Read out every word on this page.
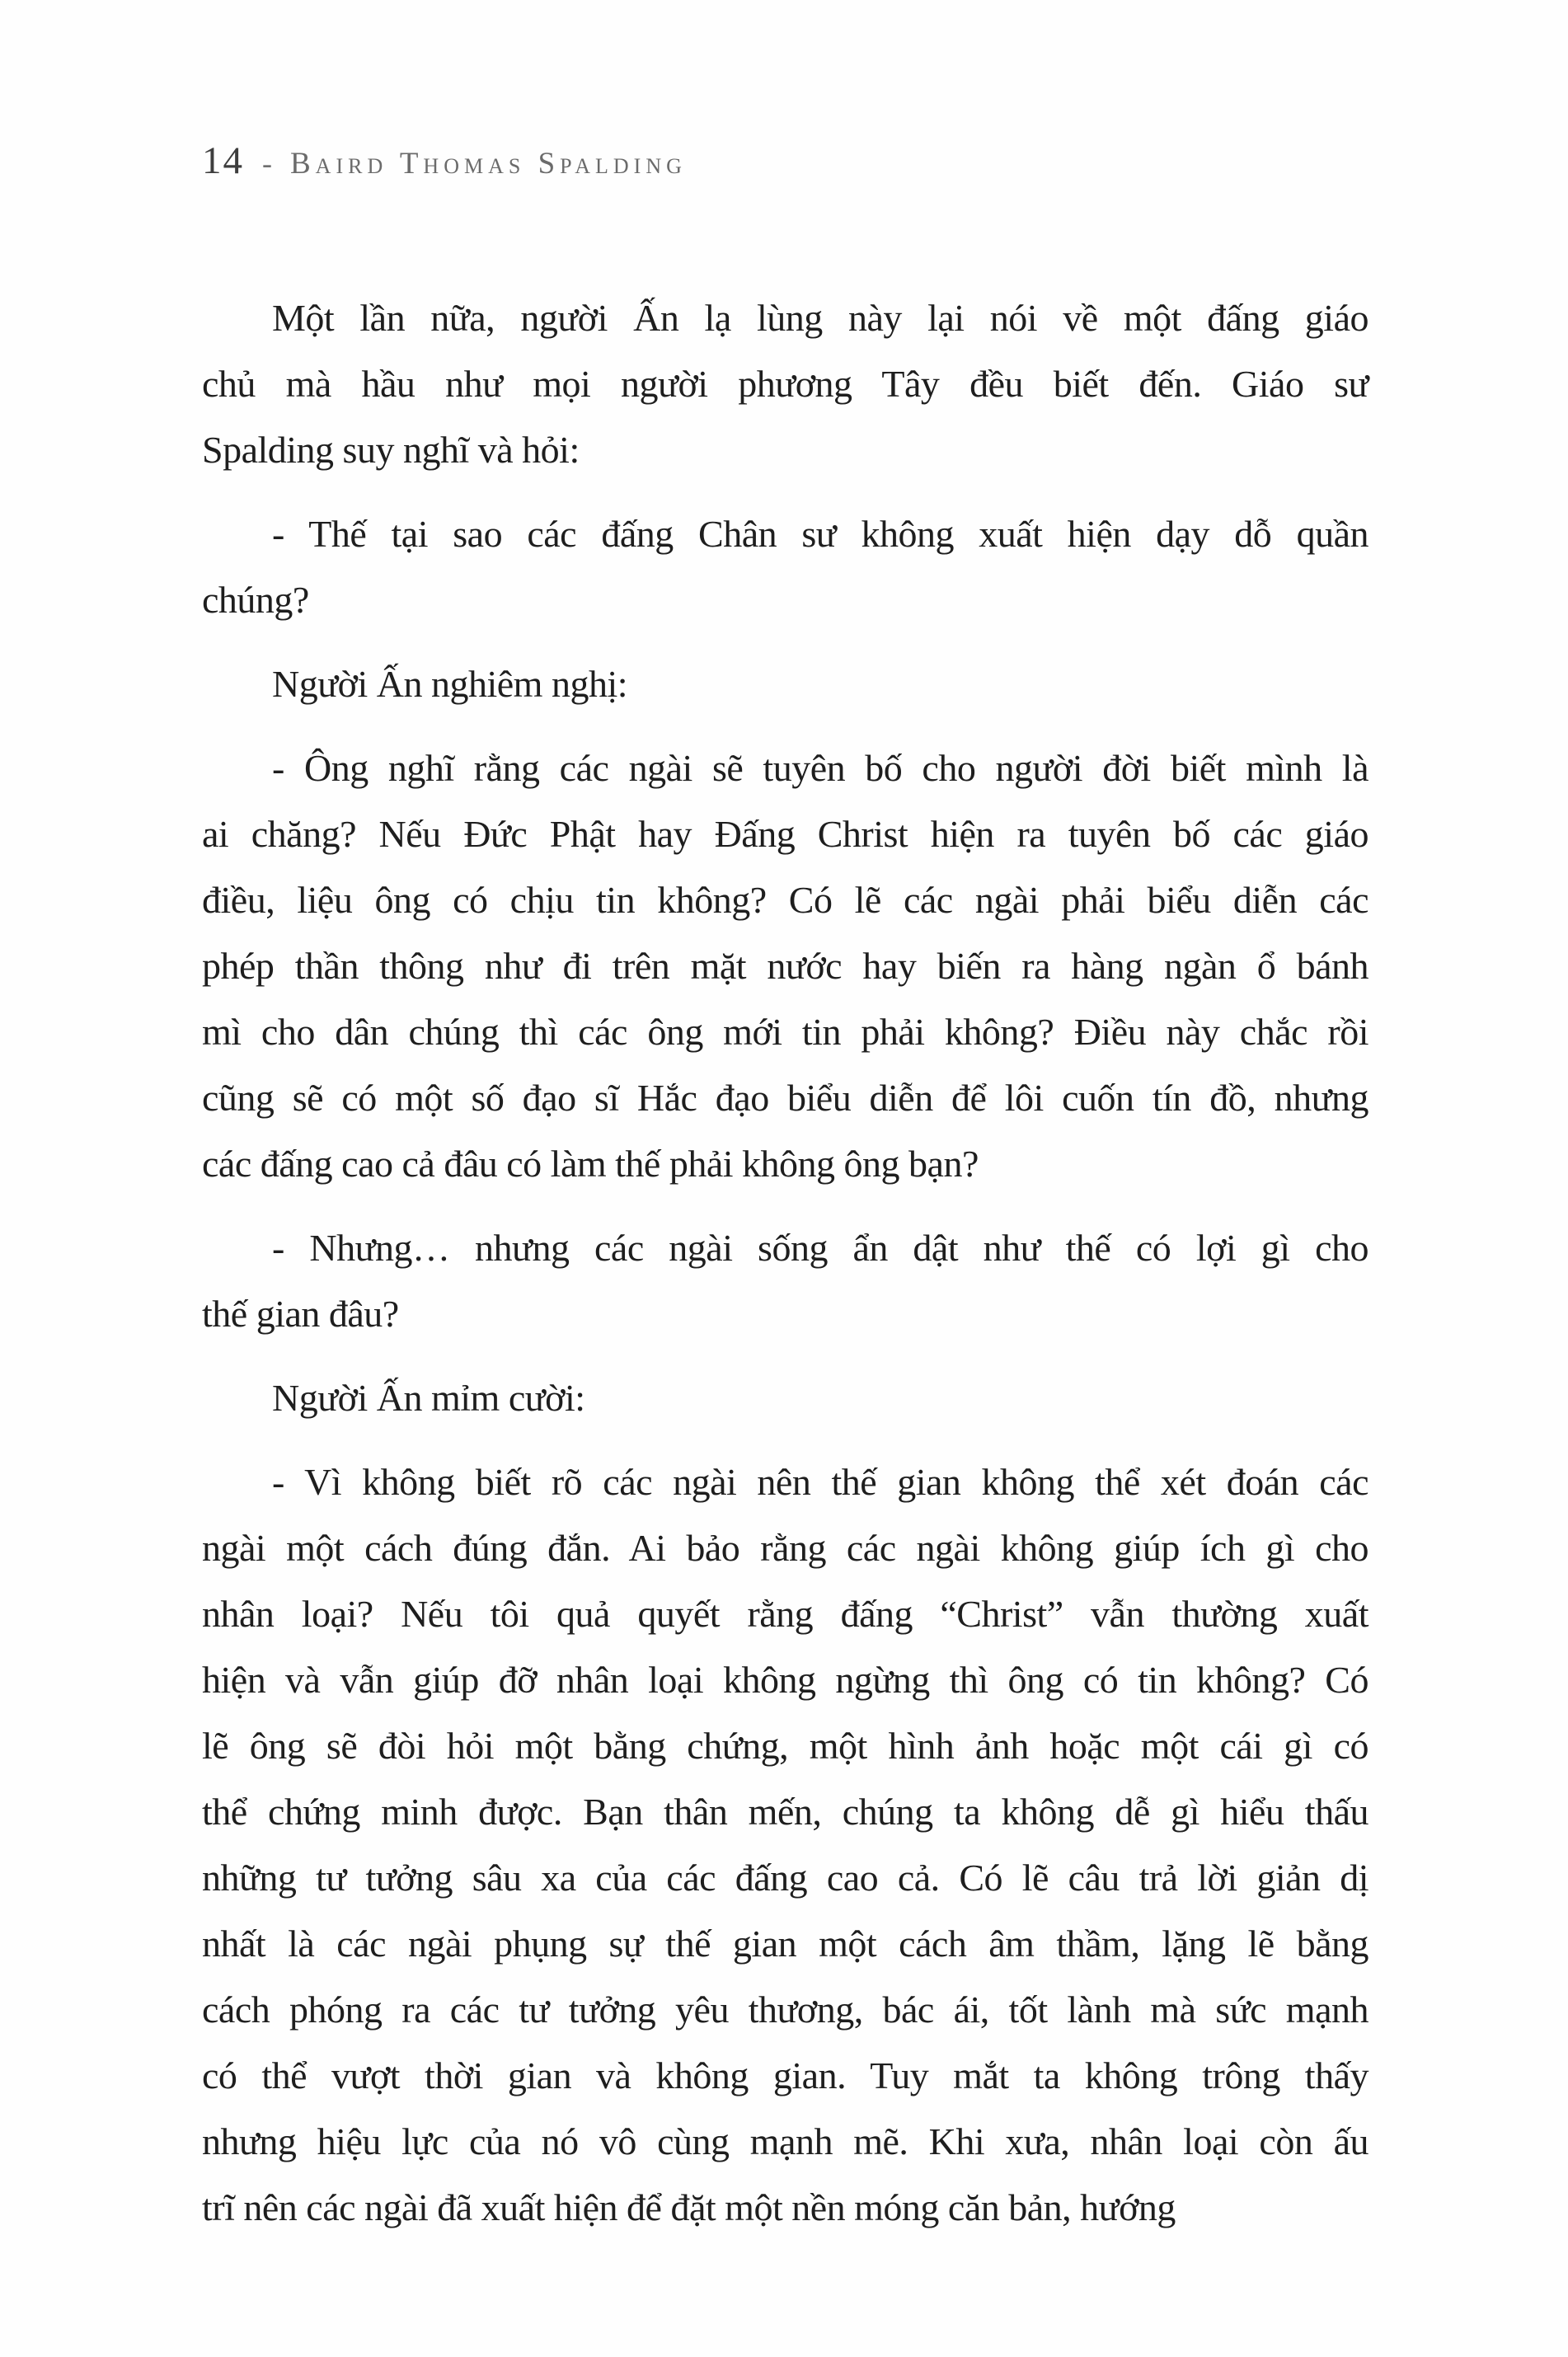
14 - Baird Thomas Spalding
Một lần nữa, người Ấn lạ lùng này lại nói về một đấng giáo
chủ mà hầu như mọi người phương Tây đều biết đến. Giáo sư
Spalding suy nghĩ và hỏi:
- Thế tại sao các đấng Chân sư không xuất hiện dạy dỗ quần
chúng?
Người Ấn nghiêm nghị:
- Ông nghĩ rằng các ngài sẽ tuyên bố cho người đời biết mình là
ai chăng? Nếu Đức Phật hay Đấng Christ hiện ra tuyên bố các giáo
điều, liệu ông có chịu tin không? Có lẽ các ngài phải biểu diễn các
phép thần thông như đi trên mặt nước hay biến ra hàng ngàn ổ bánh
mì cho dân chúng thì các ông mới tin phải không? Điều này chắc rồi
cũng sẽ có một số đạo sĩ Hắc đạo biểu diễn để lôi cuốn tín đồ, nhưng
các đấng cao cả đâu có làm thế phải không ông bạn?
- Nhưng… nhưng các ngài sống ẩn dật như thế có lợi gì cho
thế gian đâu?
Người Ấn mỉm cười:
- Vì không biết rõ các ngài nên thế gian không thể xét đoán các
ngài một cách đúng đắn. Ai bảo rằng các ngài không giúp ích gì cho
nhân loại? Nếu tôi quả quyết rằng đấng “Christ” vẫn thường xuất
hiện và vẫn giúp đỡ nhân loại không ngừng thì ông có tin không? Có
lẽ ông sẽ đòi hỏi một bằng chứng, một hình ảnh hoặc một cái gì có
thể chứng minh được. Bạn thân mến, chúng ta không dễ gì hiểu thấu
những tư tưởng sâu xa của các đấng cao cả. Có lẽ câu trả lời giản dị
nhất là các ngài phụng sự thế gian một cách âm thầm, lặng lẽ bằng
cách phóng ra các tư tưởng yêu thương, bác ái, tốt lành mà sức mạnh
có thể vượt thời gian và không gian. Tuy mắt ta không trông thấy
nhưng hiệu lực của nó vô cùng mạnh mẽ. Khi xưa, nhân loại còn ấu
trĩ nên các ngài đã xuất hiện để đặt một nền móng căn bản, hướng
